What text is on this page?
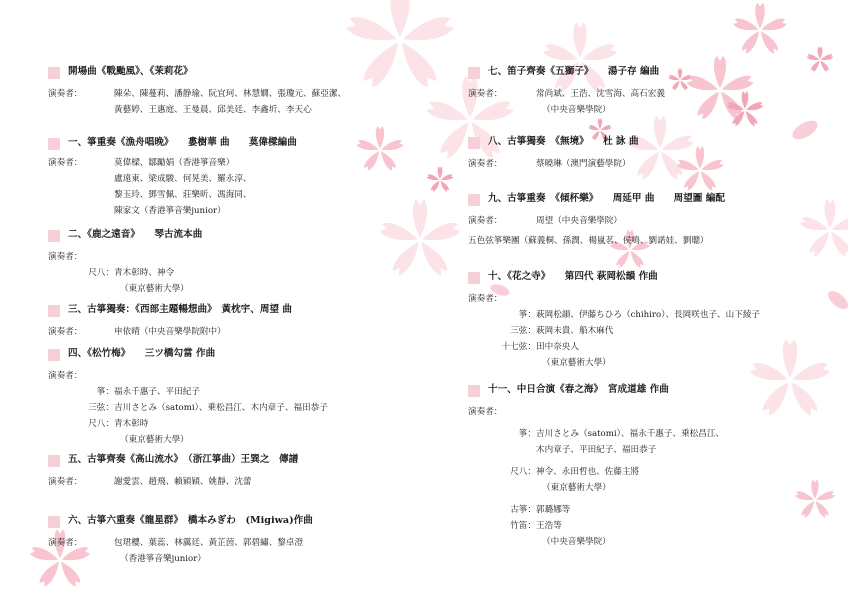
開場曲《戰颱風》、《茉莉花》
演奏者：	陳朵、陳蔓莉、潘静瑜、阮宜珂、林慧嫺、張瓊元、蘇亞潔、
黃藝婷、王惠庭、王曼晨、邱美廷、李鑫圻、李天心
一、箏重奏《漁舟唱晚》　　婁樹華 曲　　莫偉樑編曲
演奏者：	莫偉樑、鄒勵娟（香港箏音樂）
盧遠東、梁成駿、何晃美、羅永淳、
黎玉玲、鄧雪佩、莊樂昕、馮海同、
陳家文（香港箏音樂junior）
二、《鹿之遠音》　　琴古流本曲
演奏者：
尺八： 青木彰時、神令
（東京藝術大學）
三、古箏獨奏：《西部主題暢想曲》　黃枕宇、周望 曲
演奏者：	申依晴（中央音樂學院附中）
四、《松竹梅》　　三ツ橋勾當 作曲
演奏者：
箏： 福永千惠子、平田紀子
三弦： 吉川さとみ（satomi）、乗松昌江、木内章子、福田恭子
尺八： 青木彰時
（東京藝術大學）
五、古箏齊奏《高山流水》　（浙江箏曲）王巽之　傳譜
演奏者：	謝愛雲、趙飛、賴穎穎、姚靜、沈蕾
六、古箏六重奏《龍星群》　橋本みぎわ　(Migiwa)作曲
演奏者：	包珺櫻、葉蕊、林靄廷、黃芷茵、郭碧繡、黎卓澄
（香港箏音樂junior）
七、笛子齊奏《五獅子》　　湯子存 編曲
演奏者：	常尚斌、王浩、沈雪海、高石宏義
（中央音樂學院）
八、古箏獨奏　《無境》　　杜 詠 曲
演奏者：	蔡曉琳（澳門演藝學院）
九、古箏重奏　《傾杯樂》　　周延甲 曲　　周望圖 編配
演奏者：	周望（中央音樂學院）
五色弦箏樂團（蘇義桐、孫潤、楊嵐茗、侯鳴、劉諾娃、劉聰）
十、《花之寺》　　第四代 萩岡松韻 作曲
演奏者：
箏： 萩岡松韻、伊藤ちひろ（chihiro）、長岡咲也子、山下綾子
三弦： 萩岡未貴、船木麻代
十七弦： 田中奈央人
（東京藝術大學）
十一、中日合演《春之海》　宮成道雄 作曲
演奏者：
箏： 吉川さとみ（satomi）、福永千惠子、乗松昌江、
木内章子、平田紀子、福田恭子
尺八： 神令、永田哲也、佐藤主將
（東京藝術大學）
古箏： 郭璐娜等
竹笛： 王浩等
（中央音樂學院）
